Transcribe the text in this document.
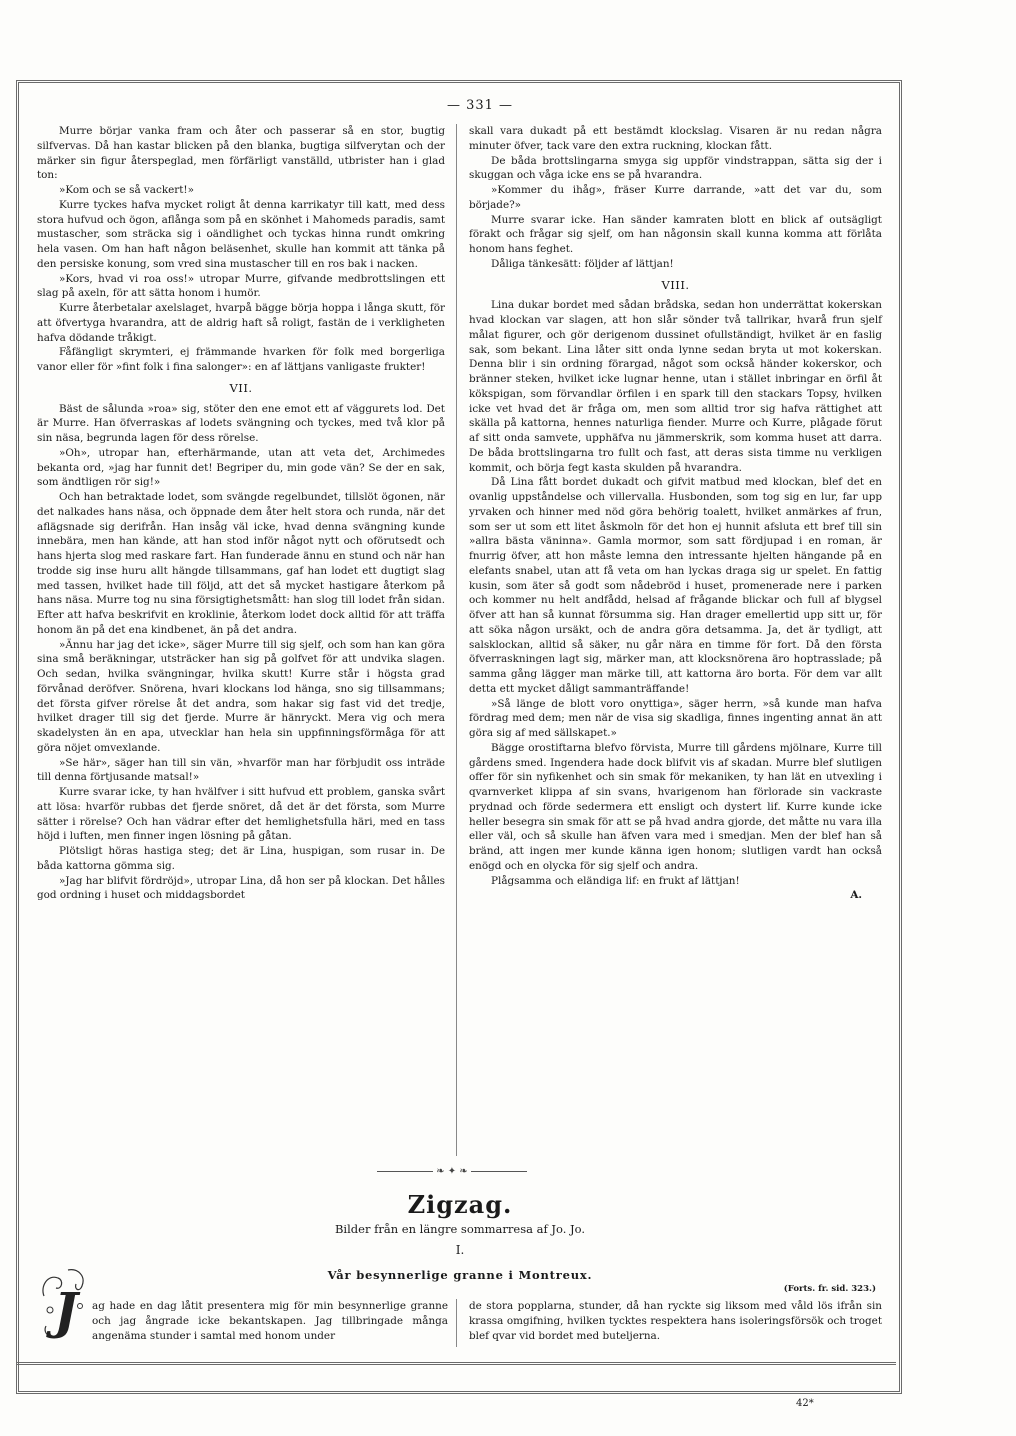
— 331 —

Murre börjar vanka fram och åter och passerar så en stor, bugtig silfvervas. Då han kastar blicken på den blanka, bugtiga silfverytan och der märker sin figur återspeglad, men förfärligt vanställd, utbrister han i glad ton:

»Kom och se så vackert!»

Kurre tyckes hafva mycket roligt åt denna karrikatyr till katt, med dess stora hufvud och ögon, aflånga som på en skönhet i Mahomeds paradis, samt mustascher, som sträcka sig i oändlighet och tyckas hinna rundt omkring hela vasen. Om han haft någon beläsenhet, skulle han kommit att tänka på den persiske konung, som vred sina mustascher till en ros bak i nacken.

»Kors, hvad vi roa oss!» utropar Murre, gifvande medbrottslingen ett slag på axeln, för att sätta honom i humör.

Kurre återbetalar axelslaget, hvarpå bägge börja hoppa i långa skutt, för att öfvertyga hvarandra, att de aldrig haft så roligt, fastän de i verkligheten hafva dödande tråkigt.

Fåfängligt skrymteri, ej främmande hvarken för folk med borgerliga vanor eller för »fint folk i fina salonger»: en af lättjans vanligaste frukter!

VII.

Bäst de sålunda »roa» sig, stöter den ene emot ett af väggurets lod. Det är Murre. Han öfverraskas af lodets svängning och tyckes, med två klor på sin näsa, begrunda lagen för dess rörelse.

»Oh», utropar han, efterhärmande, utan att veta det, Archimedes bekanta ord, »jag har funnit det! Begriper du, min gode vän? Se der en sak, som ändtligen rör sig!»

Och han betraktade lodet, som svängde regelbundet, tillslöt ögonen, när det nalkades hans näsa, och öppnade dem åter helt stora och runda, när det aflägsnade sig derifrån. Han insåg väl icke, hvad denna svängning kunde innebära, men han kände, att han stod inför något nytt och oförutsedt och hans hjerta slog med raskare fart. Han funderade ännu en stund och när han trodde sig inse huru allt hängde tillsammans, gaf han lodet ett dugtigt slag med tassen, hvilket hade till följd, att det så mycket hastigare återkom på hans näsa. Murre tog nu sina försigtighetsmått: han slog till lodet från sidan. Efter att hafva beskrifvit en kroklinie, återkom lodet dock alltid för att träffa honom än på det ena kindbenet, än på det andra.

»Ännu har jag det icke», säger Murre till sig sjelf, och som han kan göra sina små beräkningar, utsträcker han sig på golfvet för att undvika slagen. Och sedan, hvilka svängningar, hvilka skutt! Kurre står i högsta grad förvånad deröfver. Snörena, hvari klockans lod hänga, sno sig tillsammans; det första gifver rörelse åt det andra, som hakar sig fast vid det tredje, hvilket drager till sig det fjerde. Murre är hänryckt. Mera vig och mera skadelysten än en apa, utvecklar han hela sin uppfinningsförmåga för att göra nöjet omvexlande.

»Se här», säger han till sin vän, »hvarför man har förbjudit oss inträde till denna förtjusande matsal!»

Kurre svarar icke, ty han hvälfver i sitt hufvud ett problem, ganska svårt att lösa: hvarför rubbas det fjerde snöret, då det är det första, som Murre sätter i rörelse? Och han vädrar efter det hemlighetsfulla häri, med en tass höjd i luften, men finner ingen lösning på gåtan.

Plötsligt höras hastiga steg; det är Lina, huspigan, som rusar in. De båda kattorna gömma sig.

»Jag har blifvit fördröjd», utropar Lina, då hon ser på klockan. Det hålles god ordning i huset och middagsbordet

skall vara dukadt på ett bestämdt klockslag. Visaren är nu redan några minuter öfver, tack vare den extra ruckning, klockan fått.

De båda brottslingarna smyga sig uppför vindstrappan, sätta sig der i skuggan och våga icke ens se på hvarandra.

»Kommer du ihåg», fräser Kurre darrande, »att det var du, som började?»

Murre svarar icke. Han sänder kamraten blott en blick af outsägligt förakt och frågar sig sjelf, om han någonsin skall kunna komma att förlåta honom hans feghet.

Dåliga tänkesätt: följder af lättjan!

VIII.

Lina dukar bordet med sådan brådska, sedan hon underrättat kokerskan hvad klockan var slagen, att hon slår sönder två tallrikar, hvarå frun sjelf målat figurer, och gör derigenom dussinet ofullständigt, hvilket är en faslig sak, som bekant. Lina låter sitt onda lynne sedan bryta ut mot kokerskan. Denna blir i sin ordning förargad, något som också händer kokerskor, och bränner steken, hvilket icke lugnar henne, utan i stället inbringar en örfil åt kökspigan, som förvandlar örfilen i en spark till den stackars Topsy, hvilken icke vet hvad det är fråga om, men som alltid tror sig hafva rättighet att skälla på kattorna, hennes naturliga fiender. Murre och Kurre, plågade förut af sitt onda samvete, upphäfva nu jämmerskrik, som komma huset att darra. De båda brottslingarna tro fullt och fast, att deras sista timme nu verkligen kommit, och börja fegt kasta skulden på hvarandra.

Då Lina fått bordet dukadt och gifvit matbud med klockan, blef det en ovanlig uppståndelse och villervalla. Husbonden, som tog sig en lur, far upp yrvaken och hinner med nöd göra behörig toalett, hvilket anmärkes af frun, som ser ut som ett litet åskmoln för det hon ej hunnit afsluta ett bref till sin »allra bästa väninna». Gamla mormor, som satt fördjupad i en roman, är fnurrig öfver, att hon måste lemna den intressante hjelten hängande på en elefants snabel, utan att få veta om han lyckas draga sig ur spelet. En fattig kusin, som äter så godt som nådebröd i huset, promenerade nere i parken och kommer nu helt andfådd, helsad af frågande blickar och full af blygsel öfver att han så kunnat försumma sig. Han drager emellertid upp sitt ur, för att söka någon ursäkt, och de andra göra detsamma. Ja, det är tydligt, att salsklockan, alltid så säker, nu går nära en timme för fort. Då den första öfverraskningen lagt sig, märker man, att klocksnörena äro hoptrasslade; på samma gång lägger man märke till, att kattorna äro borta. För dem var allt detta ett mycket dåligt sammanträffande!

»Så länge de blott voro onyttiga», säger herrn, »så kunde man hafva fördrag med dem; men när de visa sig skadliga, finnes ingenting annat än att göra sig af med sällskapet.»

Bägge orostiftarna blefvo förvista, Murre till gårdens mjölnare, Kurre till gårdens smed. Ingendera hade dock blifvit vis af skadan. Murre blef slutligen offer för sin nyfikenhet och sin smak för mekaniken, ty han lät en utvexling i qvarnverket klippa af sin svans, hvarigenom han förlorade sin vackraste prydnad och förde sedermera ett ensligt och dystert lif. Kurre kunde icke heller besegra sin smak för att se på hvad andra gjorde, det måtte nu vara illa eller väl, och så skulle han äfven vara med i smedjan. Men der blef han så bränd, att ingen mer kunde känna igen honom; slutligen vardt han också enögd och en olycka för sig sjelf och andra.

Plågsamma och eländiga lif: en frukt af lättjan!

A.
❧ ✦ ❧
Zigzag.
Bilder från en längre sommarresa af Jo. Jo.
I.
Vår besynnerlige granne i Montreux.
(Forts. fr. sid. 323.)
J	ag hade en dag låtit presentera mig för min besynnerlige granne och jag ångrade icke bekantskapen. Jag tillbringade många angenäma stunder i samtal med honom under
de stora popplarna, stunder, då han ryckte sig liksom med våld lös ifrån sin krassa omgifning, hvilken tycktes respektera hans isoleringsförsök och troget blef qvar vid bordet med buteljerna.
42*
